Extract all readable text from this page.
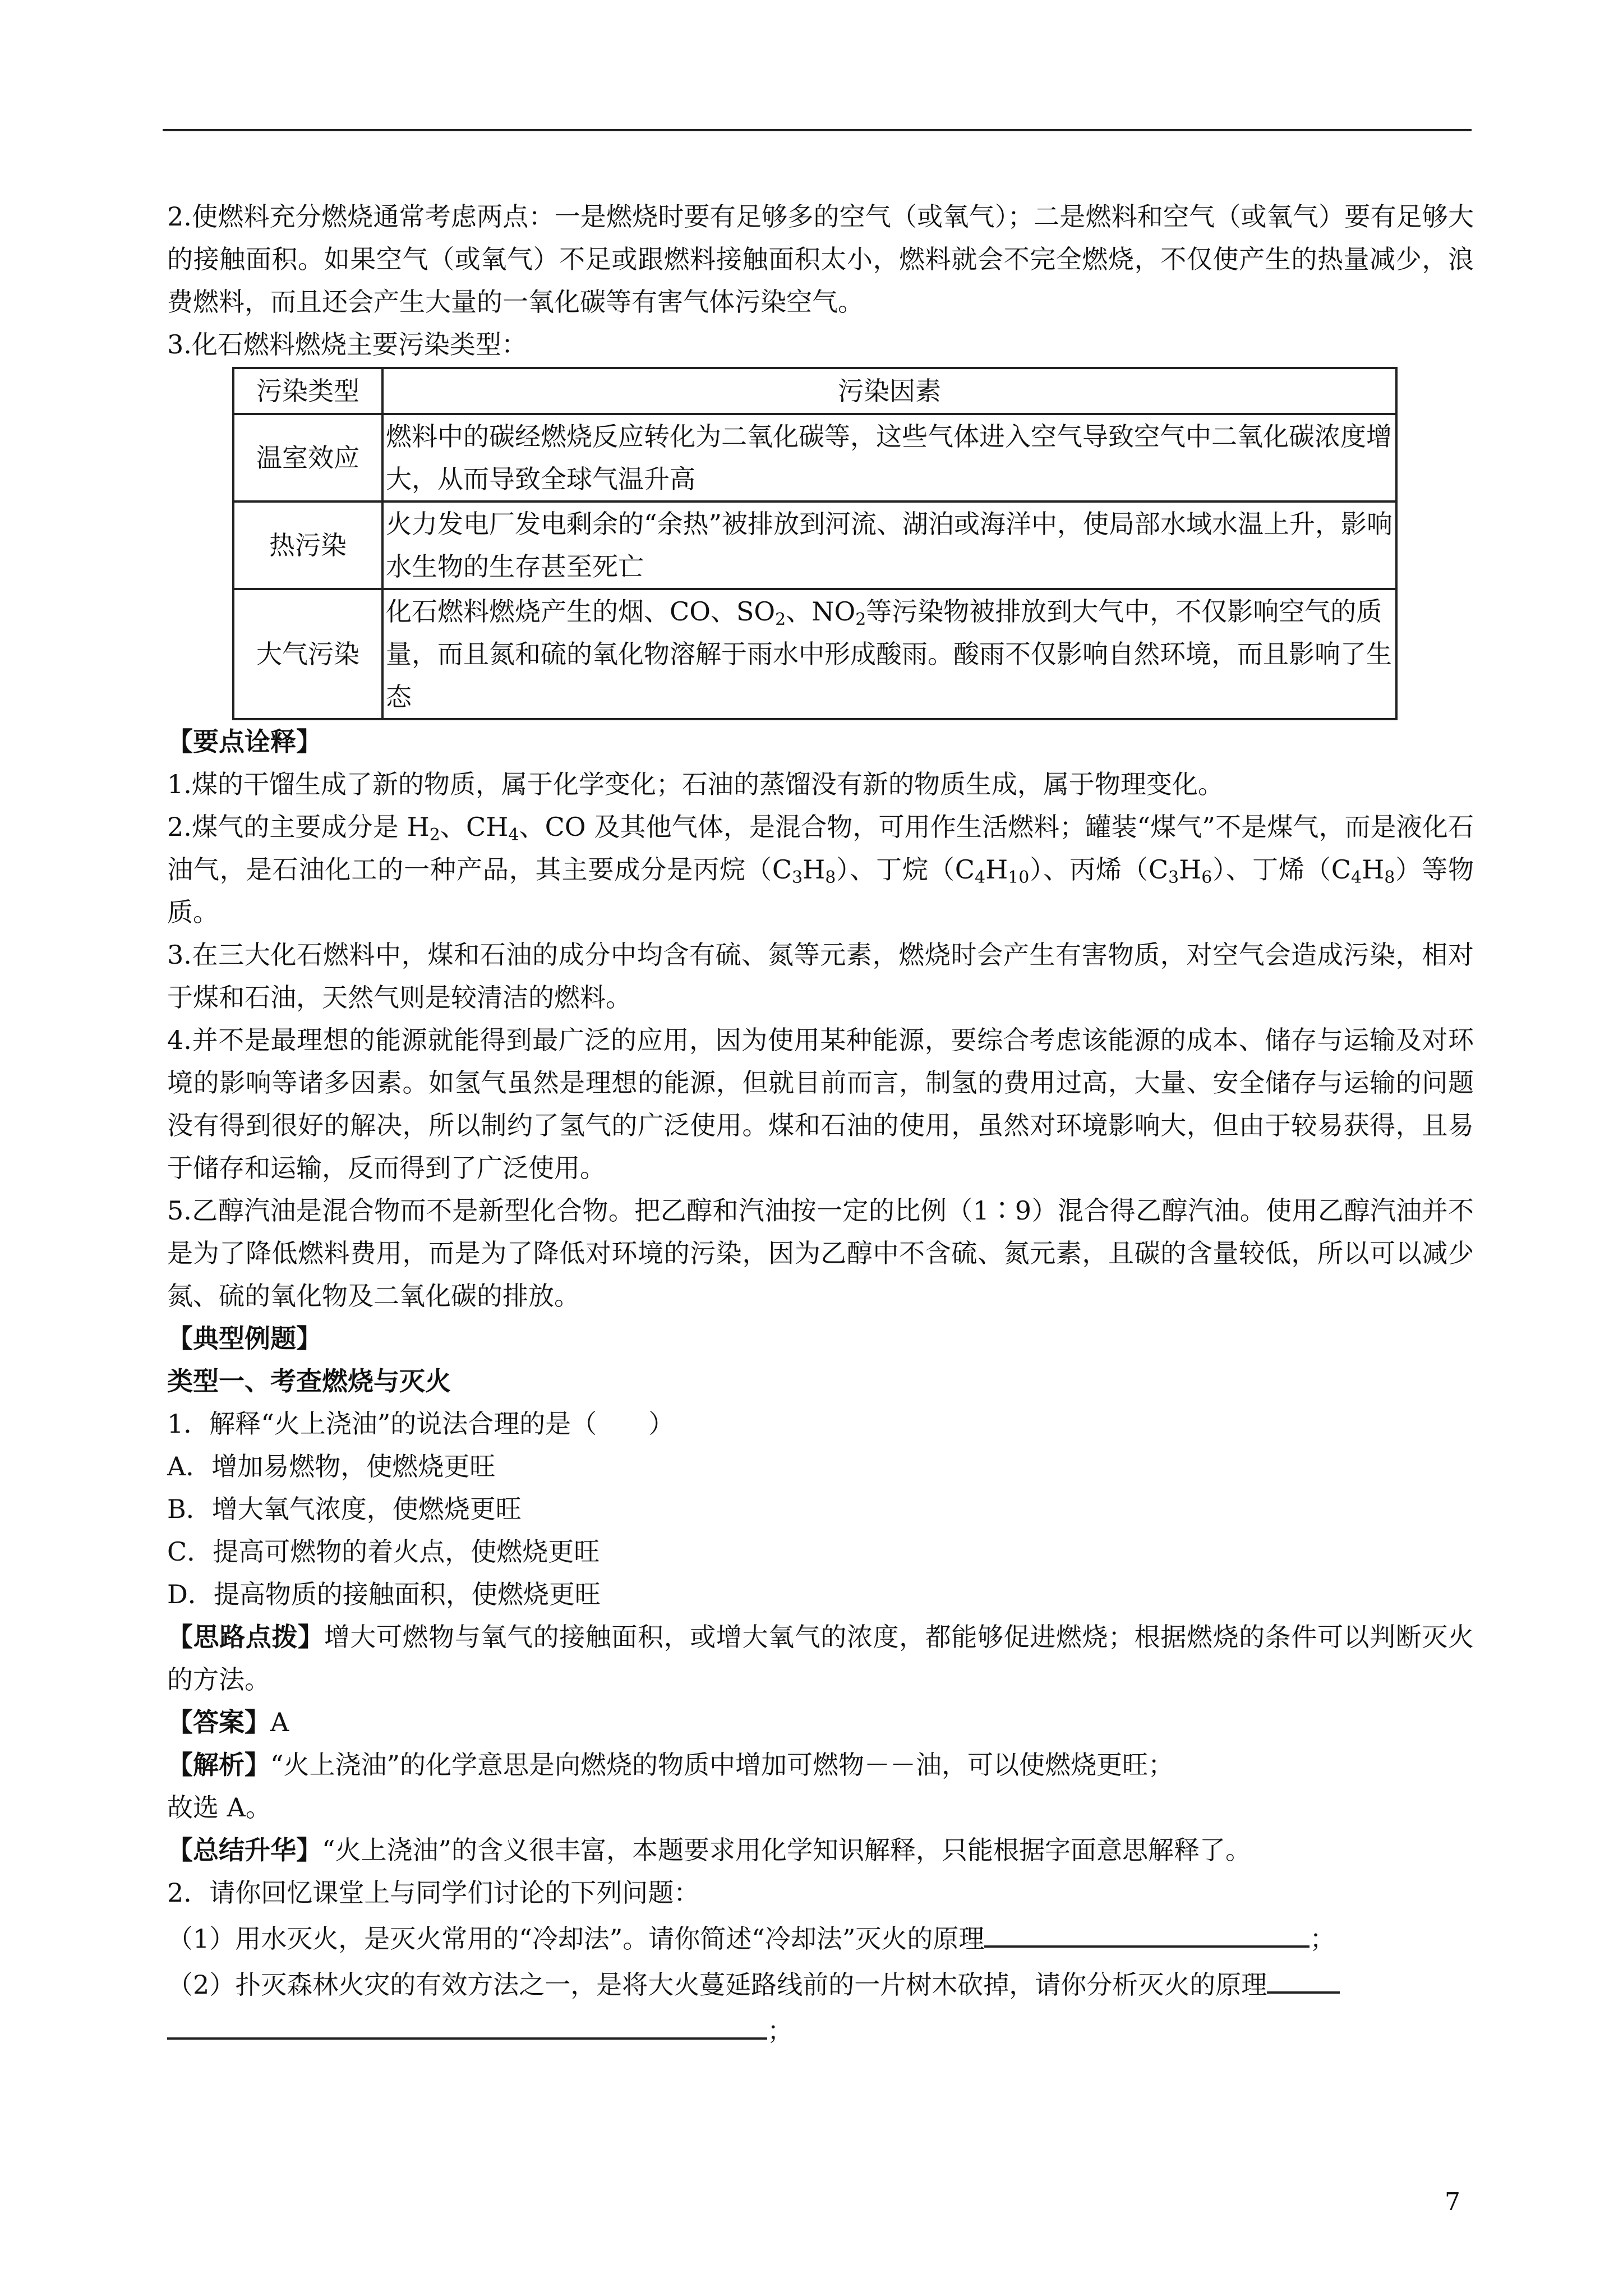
2.使燃料充分燃烧通常考虑两点：一是燃烧时要有足够多的空气（或氧气）；二是燃料和空气（或氧气）要有足够大的接触面积。如果空气（或氧气）不足或跟燃料接触面积太小，燃料就会不完全燃烧，不仅使产生的热量减少，浪费燃料，而且还会产生大量的一氧化碳等有害气体污染空气。

3.化石燃料燃烧主要污染类型：

污染类型	污染因素
温室效应	燃料中的碳经燃烧反应转化为二氧化碳等，这些气体进入空气导致空气中二氧化碳浓度增大，从而导致全球气温升高
热污染	火力发电厂发电剩余的“余热”被排放到河流、湖泊或海洋中，使局部水域水温上升，影响水生物的生存甚至死亡
大气污染	化石燃料燃烧产生的烟、CO、$SO_2$、$NO_2$等污染物被排放到大气中，不仅影响空气的质量，而且氮和硫的氧化物溶解于雨水中形成酸雨。酸雨不仅影响自然环境，而且影响了生态

【要点诠释】

1.煤的干馏生成了新的物质，属于化学变化；石油的蒸馏没有新的物质生成，属于物理变化。

2.煤气的主要成分是 $H_2$、$CH_4$、CO 及其他气体，是混合物，可用作生活燃料；罐装“煤气”不是煤气，而是液化石油气，是石油化工的一种产品，其主要成分是丙烷$(C_3H_8)$、丁烷$(C_4H_{10})$、丙烯$(C_3H_6)$、丁烯$(C_4H_8)$等物质。

3.在三大化石燃料中，煤和石油的成分中均含有硫、氮等元素，燃烧时会产生有害物质，对空气会造成污染，相对于煤和石油，天然气则是较清洁的燃料。

4.并不是最理想的能源就能得到最广泛的应用，因为使用某种能源，要综合考虑该能源的成本、储存与运输及对环境的影响等诸多因素。如氢气虽然是理想的能源，但就目前而言，制氢的费用过高，大量、安全储存与运输的问题没有得到很好的解决，所以制约了氢气的广泛使用。煤和石油的使用，虽然对环境影响大，但由于较易获得，且易于储存和运输，反而得到了广泛使用。

5.乙醇汽油是混合物而不是新型化合物。把乙醇和汽油按一定的比例（1∶9）混合得乙醇汽油。使用乙醇汽油并不是为了降低燃料费用，而是为了降低对环境的污染，因为乙醇中不含硫、氮元素，且碳的含量较低，所以可以减少氮、硫的氧化物及二氧化碳的排放。

【典型例题】

类型一、考查燃烧与灭火

1．解释“火上浇油”的说法合理的是（　　）

A．增加易燃物，使燃烧更旺

B．增大氧气浓度，使燃烧更旺

C．提高可燃物的着火点，使燃烧更旺

D．提高物质的接触面积，使燃烧更旺

【思路点拨】增大可燃物与氧气的接触面积，或增大氧气的浓度，都能够促进燃烧；根据燃烧的条件可以判断灭火的方法。

【答案】A

【解析】“火上浇油”的化学意思是向燃烧的物质中增加可燃物－－油，可以使燃烧更旺；

故选 A。

【总结升华】“火上浇油”的含义很丰富，本题要求用化学知识解释，只能根据字面意思解释了。

2．请你回忆课堂上与同学们讨论的下列问题：

（1）用水灭火，是灭火常用的“冷却法”。请你简述“冷却法”灭火的原理	；

（2）扑灭森林火灾的有效方法之一，是将大火蔓延路线前的一片树木砍掉，请你分析灭火的原理

；

7
